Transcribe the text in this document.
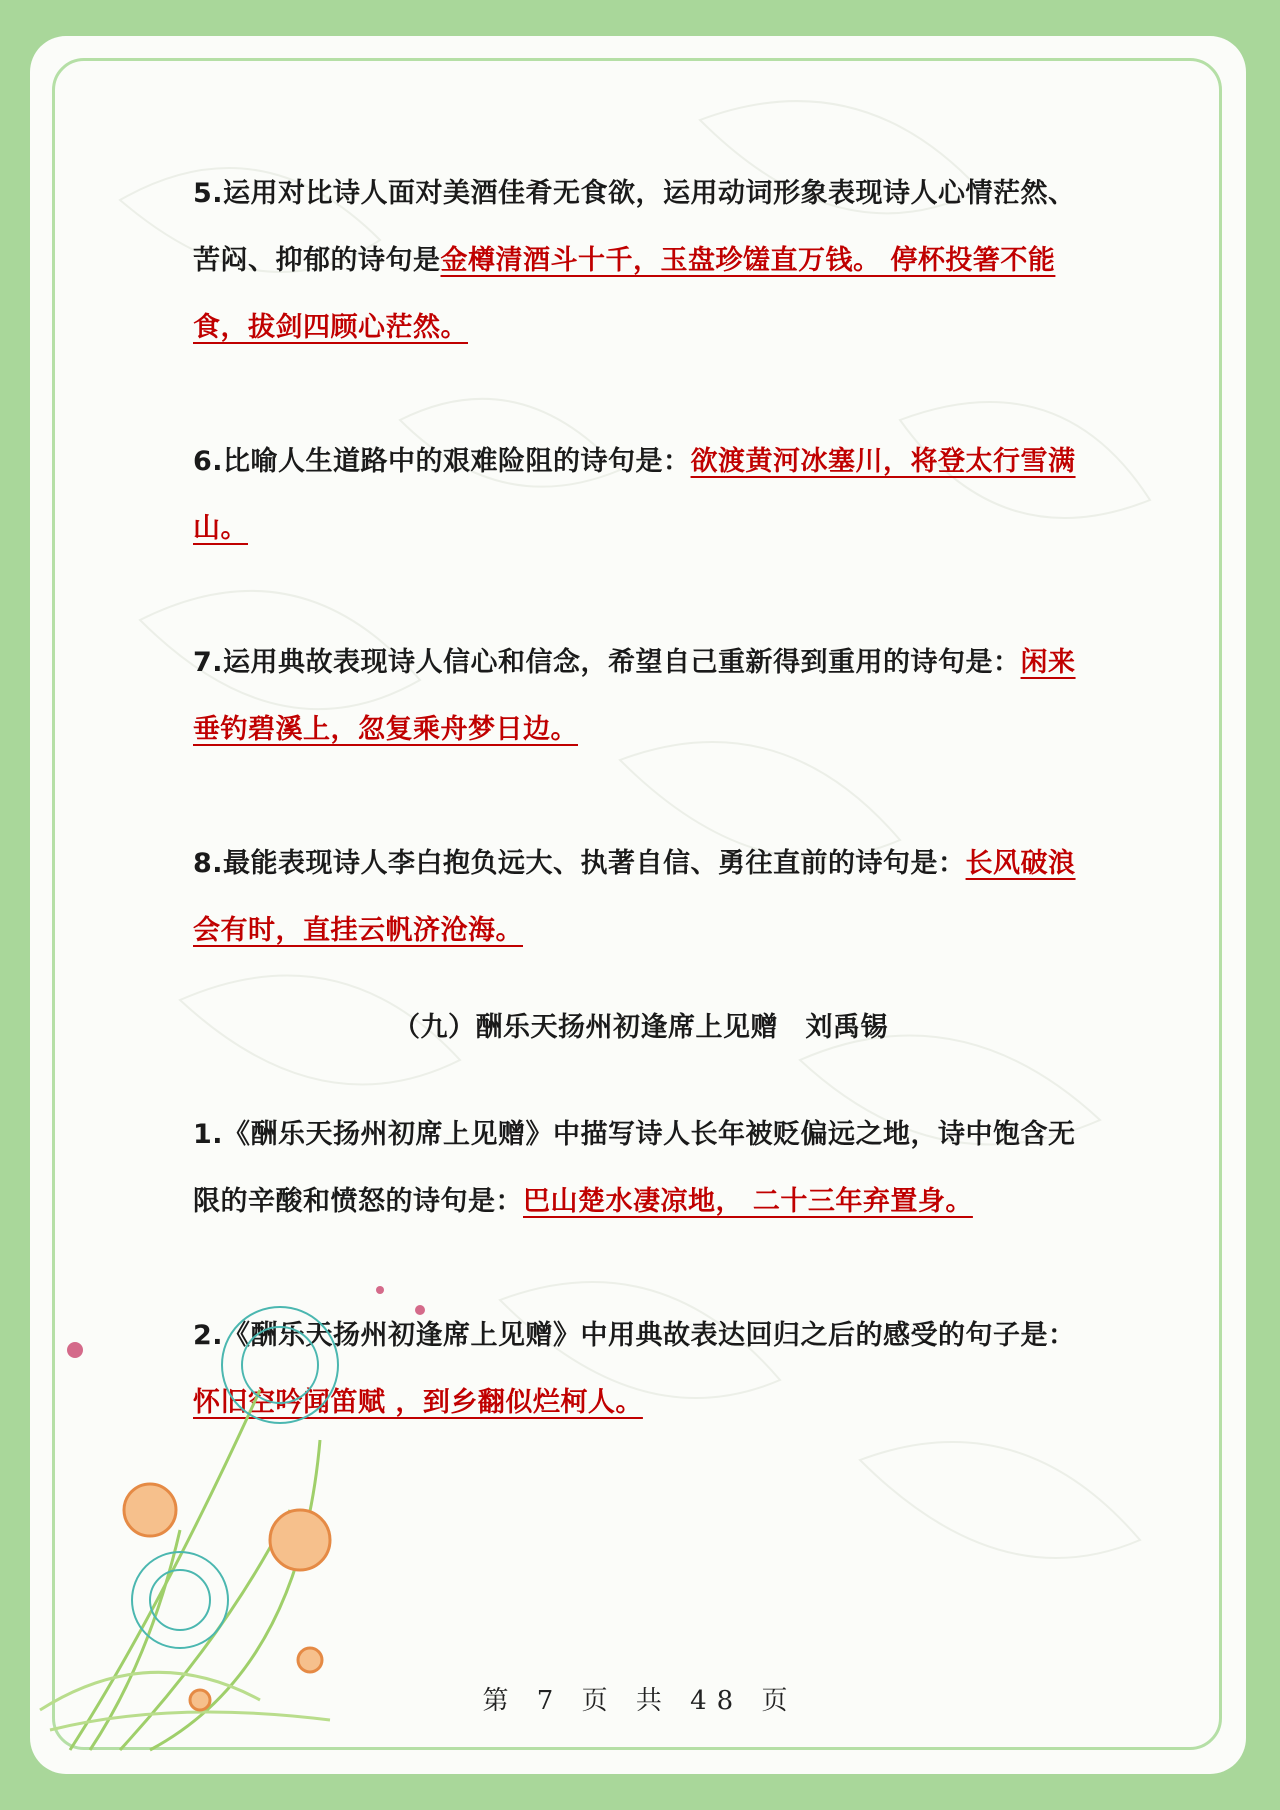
5.运用对比诗人面对美酒佳肴无食欲，运用动词形象表现诗人心情茫然、苦闷、抑郁的诗句是金樽清酒斗十千，玉盘珍馐直万钱。 停杯投箸不能食，拔剑四顾心茫然。

6.比喻人生道路中的艰难险阻的诗句是：欲渡黄河冰塞川，将登太行雪满山。

7.运用典故表现诗人信心和信念，希望自己重新得到重用的诗句是：闲来垂钓碧溪上，忽复乘舟梦日边。

8.最能表现诗人李白抱负远大、执著自信、勇往直前的诗句是：长风破浪会有时，直挂云帆济沧海。

（九）酬乐天扬州初逢席上见赠　刘禹锡

1.《酬乐天扬州初席上见赠》中描写诗人长年被贬偏远之地，诗中饱含无限的辛酸和愤怒的诗句是：巴山楚水凄凉地， 二十三年弃置身。

2.《酬乐天扬州初逢席上见赠》中用典故表达回归之后的感受的句子是：怀旧空吟闻笛赋 ，到乡翻似烂柯人。

第 7 页 共 48 页
